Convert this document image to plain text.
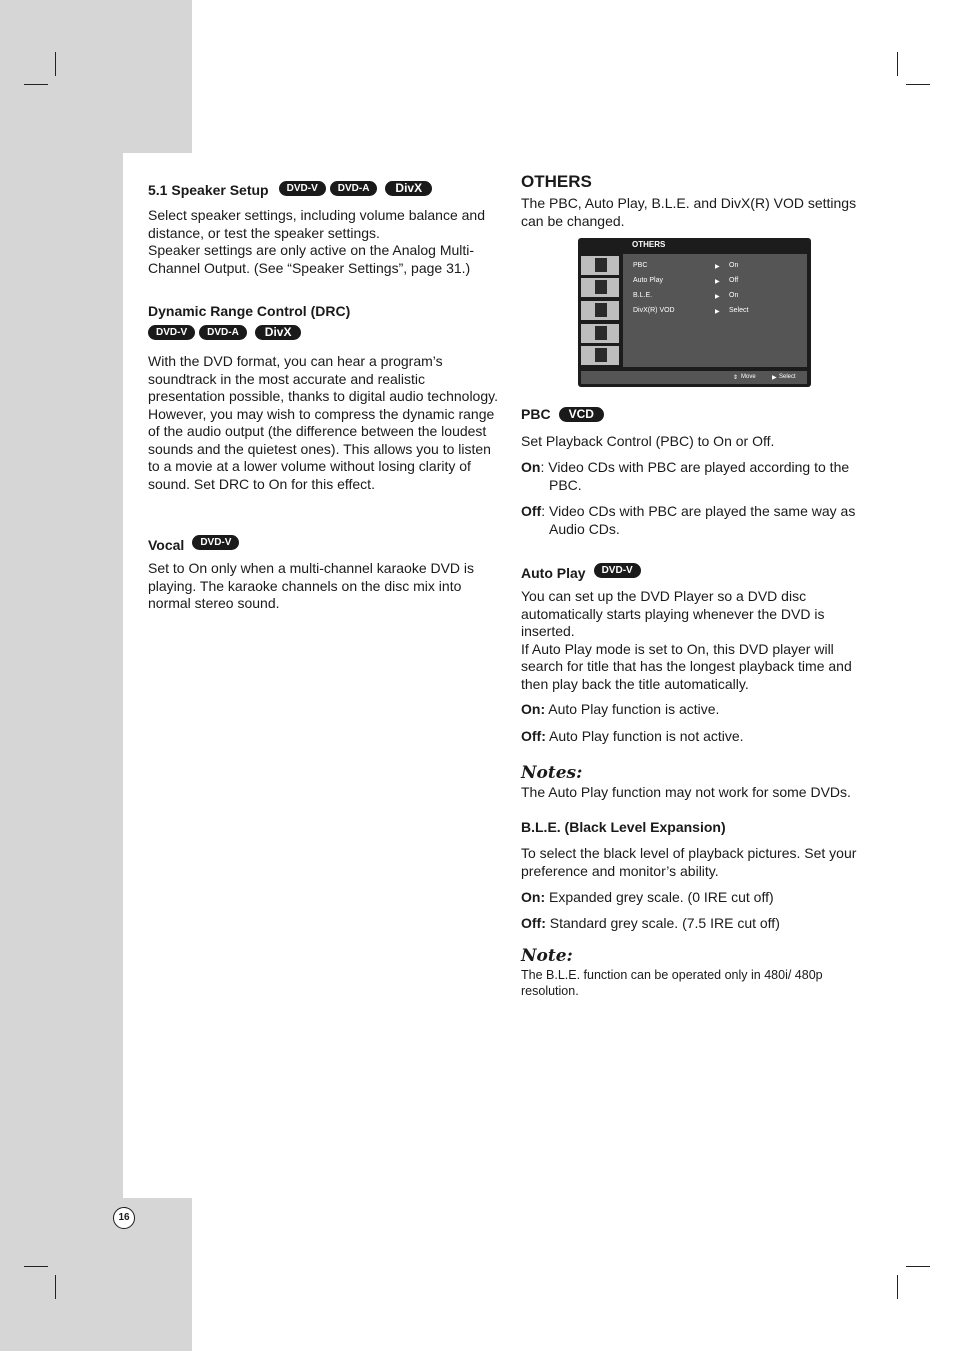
5.1 Speaker Setup	DVD-V	DVD-A	DivX

Select speaker settings, including volume balance and distance, or test the speaker settings.
Speaker settings are only active on the Analog Multi-Channel Output. (See “Speaker Settings”, page 31.)

Dynamic Range Control (DRC)
DVD-V	DVD-A	DivX

With the DVD format, you can hear a program’s soundtrack in the most accurate and realistic presentation possible, thanks to digital audio technology. However, you may wish to compress the dynamic range of the audio output (the difference between the loudest sounds and the quietest ones). This allows you to listen to a movie at a lower volume without losing clarity of sound. Set DRC to On for this effect.

Vocal	DVD-V

Set to On only when a multi-channel karaoke DVD is playing. The karaoke channels on the disc mix into normal stereo sound.

OTHERS

The PBC, Auto Play, B.L.E. and DivX(R) VOD settings can be changed.

OTHERS
PBC	▶ On
Auto Play	▶ Off
B.L.E.	▶ On
DivX(R) VOD	▶ Select
⇕ Move	▶ Select
PBC	VCD

Set Playback Control (PBC) to On or Off.

On: Video CDs with PBC are played according to the PBC.

Off: Video CDs with PBC are played the same way as Audio CDs.

Auto Play	DVD-V

You can set up the DVD Player so a DVD disc automatically starts playing whenever the DVD is inserted.
If Auto Play mode is set to On, this DVD player will search for title that has the longest playback time and then play back the title automatically.

On: Auto Play function is active.

Off: Auto Play function is not active.

Notes:

The Auto Play function may not work for some DVDs.

B.L.E. (Black Level Expansion)

To select the black level of playback pictures. Set your preference and monitor’s ability.

On: Expanded grey scale. (0 IRE cut off)

Off: Standard grey scale. (7.5 IRE cut off)

Note:

The B.L.E. function can be operated only in 480i/ 480p resolution.

16
